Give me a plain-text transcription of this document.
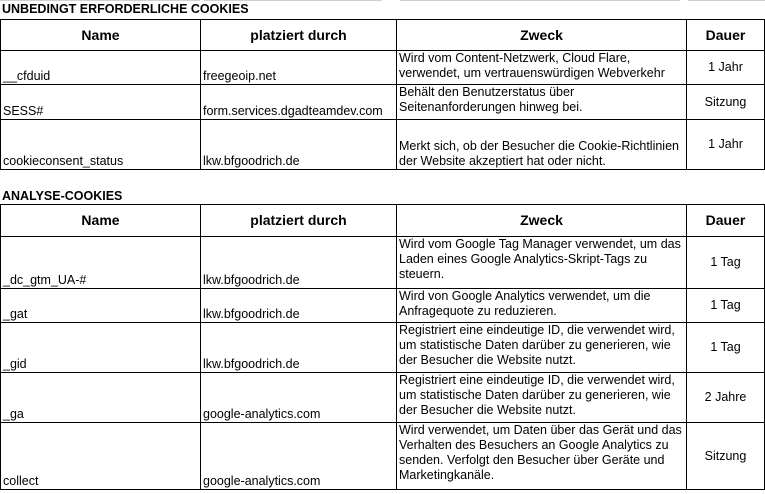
UNBEDINGT ERFORDERLICHE COOKIES
Name	platziert durch	Zweck	Dauer
__cfduid	freegeoip.net	Wird vom Content-Netzwerk, Cloud Flare, verwendet, um vertrauenswürdigen Webverkehr	1 Jahr
SESS#	form.services.dgadteamdev.com	Behält den Benutzerstatus über Seitenanforderungen hinweg bei.	Sitzung
cookieconsent_status	lkw.bfgoodrich.de	Merkt sich, ob der Besucher die Cookie-Richtlinien der Website akzeptiert hat oder nicht.	1 Jahr
ANALYSE-COOKIES
Name	platziert durch	Zweck	Dauer
_dc_gtm_UA-#	lkw.bfgoodrich.de	Wird vom Google Tag Manager verwendet, um das Laden eines Google Analytics-Skript-Tags zu steuern.	1 Tag
_gat	lkw.bfgoodrich.de	Wird von Google Analytics verwendet, um die Anfragequote zu reduzieren.	1 Tag
_gid	lkw.bfgoodrich.de	Registriert eine eindeutige ID, die verwendet wird, um statistische Daten darüber zu generieren, wie der Besucher die Website nutzt.	1 Tag
_ga	google-analytics.com	Registriert eine eindeutige ID, die verwendet wird, um statistische Daten darüber zu generieren, wie der Besucher die Website nutzt.	2 Jahre
collect	google-analytics.com	Wird verwendet, um Daten über das Gerät und das Verhalten des Besuchers an Google Analytics zu senden. Verfolgt den Besucher über Geräte und Marketingkanäle.	Sitzung
